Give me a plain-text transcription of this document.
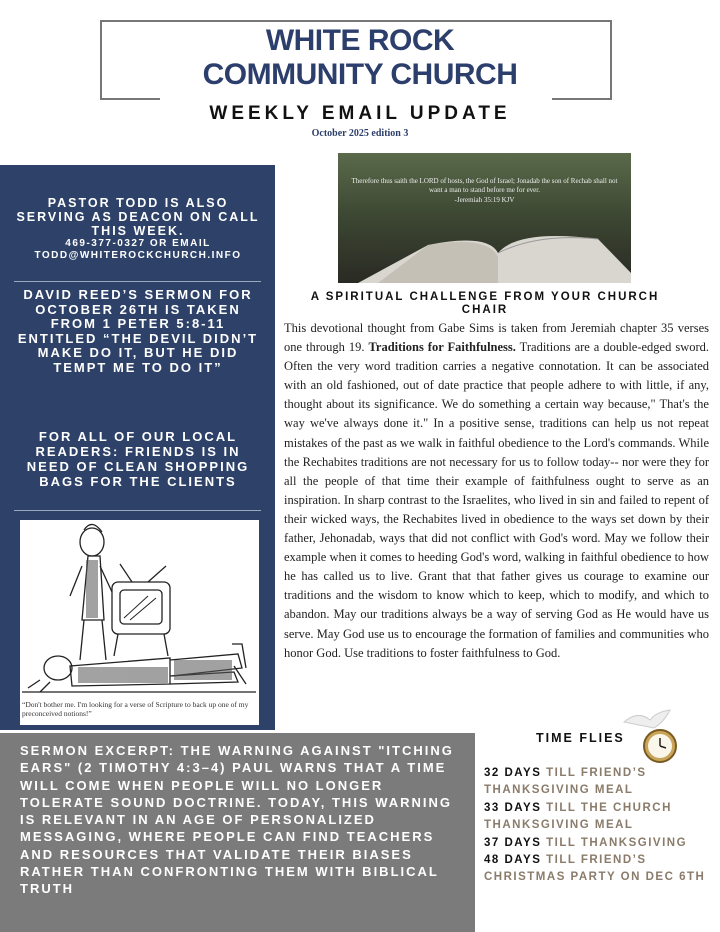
WHITE ROCK
COMMUNITY CHURCH
WEEKLY EMAIL UPDATE
October 2025 edition 3
PASTOR TODD IS ALSO SERVING AS DEACON ON CALL THIS WEEK.
469-377-0327 OR EMAIL TODD@WHITEROCKCHURCH.INFO
DAVID REED’S SERMON FOR OCTOBER 26TH IS TAKEN FROM 1 PETER 5:8-11 ENTITLED “THE DEVIL DIDN’T MAKE DO IT, BUT HE DID TEMPT ME TO DO IT”
FOR ALL OF OUR LOCAL READERS: FRIENDS IS IN NEED OF CLEAN SHOPPING BAGS FOR THE CLIENTS
“Don't bother me. I'm looking for a verse of Scripture to back up one of my preconceived notions!”
Therefore thus saith the LORD of hosts, the God of Israel; Jonadab the son of Rechab shall not want a man to stand before me for ever.
-Jeremiah 35:19 KJV
A SPIRITUAL CHALLENGE FROM YOUR CHURCH CHAIR
This devotional thought from Gabe Sims is taken from Jeremiah chapter 35 verses one through 19. Traditions for Faithfulness. Traditions are a double-edged sword. Often the very word tradition carries a negative connotation. It can be associated with an old fashioned, out of date practice that people adhere to with little, if any, thought about its significance. We do something a certain way because," That's the way we've always done it." In a positive sense, traditions can help us not repeat mistakes of the past as we walk in faithful obedience to the Lord's commands. While the Rechabites traditions are not necessary for us to follow today-- nor were they for all the people of that time their example of faithfulness ought to serve as an inspiration. In sharp contrast to the Israelites, who lived in sin and failed to repent of their wicked ways, the Rechabites lived in obedience to the ways set down by their father, Jehonadab, ways that did not conflict with God's word. May we follow their example when it comes to heeding God's word, walking in faithful obedience to how he has called us to live. Grant that that father gives us courage to examine our traditions and the wisdom to know which to keep, which to modify, and which to abandon. May our traditions always be a way of serving God as He would have us serve. May God use us to encourage the formation of families and communities who honor God. Use traditions to foster faithfulness to God.
SERMON EXCERPT: THE WARNING AGAINST "ITCHING EARS" (2 TIMOTHY 4:3–4) PAUL WARNS THAT A TIME WILL COME WHEN PEOPLE WILL NO LONGER TOLERATE SOUND DOCTRINE. TODAY, THIS WARNING IS RELEVANT IN AN AGE OF PERSONALIZED MESSAGING, WHERE PEOPLE CAN FIND TEACHERS AND RESOURCES THAT VALIDATE THEIR BIASES RATHER THAN CONFRONTING THEM WITH BIBLICAL TRUTH
TIME FLIES
32 DAYS TILL FRIEND’S THANKSGIVING MEAL
33 DAYS TILL THE CHURCH THANKSGIVING MEAL
37 DAYS TILL THANKSGIVING
48 DAYS TILL FRIEND’S CHRISTMAS PARTY ON DEC 6TH
